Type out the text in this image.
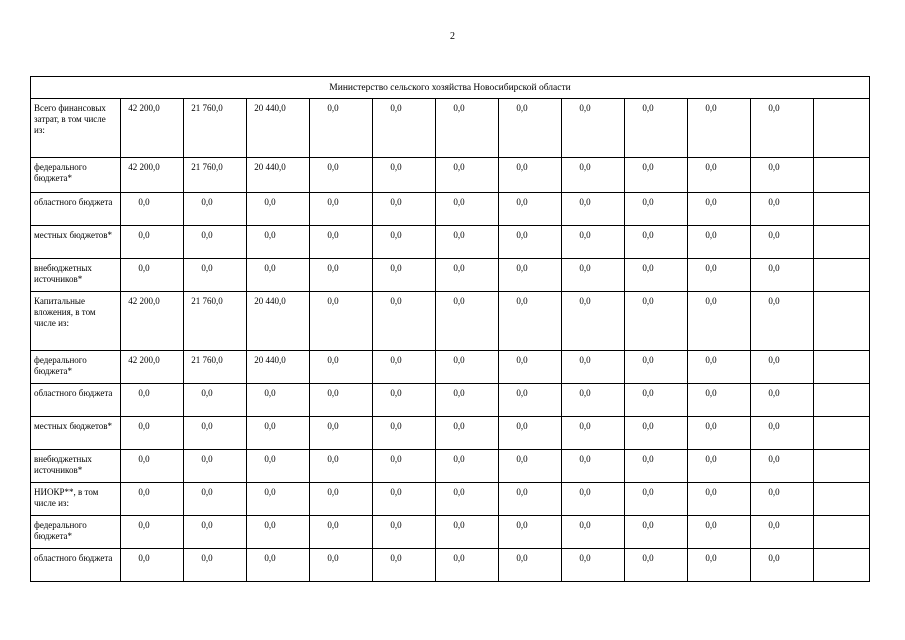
2
Министерство сельского хозяйства Новосибирской области												
Всего финансовых затрат, в том числе из:	42 200,0	21 760,0	20 440,0	0,0	0,0	0,0	0,0	0,0	0,0	0,0	0,0	
федерального бюджета*	42 200,0	21 760,0	20 440,0	0,0	0,0	0,0	0,0	0,0	0,0	0,0	0,0	
областного бюджета	0,0	0,0	0,0	0,0	0,0	0,0	0,0	0,0	0,0	0,0	0,0	
местных бюджетов*	0,0	0,0	0,0	0,0	0,0	0,0	0,0	0,0	0,0	0,0	0,0	
внебюджетных источников*	0,0	0,0	0,0	0,0	0,0	0,0	0,0	0,0	0,0	0,0	0,0	
Капитальные вложения, в том числе из:	42 200,0	21 760,0	20 440,0	0,0	0,0	0,0	0,0	0,0	0,0	0,0	0,0	
федерального бюджета*	42 200,0	21 760,0	20 440,0	0,0	0,0	0,0	0,0	0,0	0,0	0,0	0,0	
областного бюджета	0,0	0,0	0,0	0,0	0,0	0,0	0,0	0,0	0,0	0,0	0,0	
местных бюджетов*	0,0	0,0	0,0	0,0	0,0	0,0	0,0	0,0	0,0	0,0	0,0	
внебюджетных источников*	0,0	0,0	0,0	0,0	0,0	0,0	0,0	0,0	0,0	0,0	0,0	
НИОКР**, в том числе из:	0,0	0,0	0,0	0,0	0,0	0,0	0,0	0,0	0,0	0,0	0,0	
федерального бюджета*	0,0	0,0	0,0	0,0	0,0	0,0	0,0	0,0	0,0	0,0	0,0	
областного бюджета	0,0	0,0	0,0	0,0	0,0	0,0	0,0	0,0	0,0	0,0	0,0	
